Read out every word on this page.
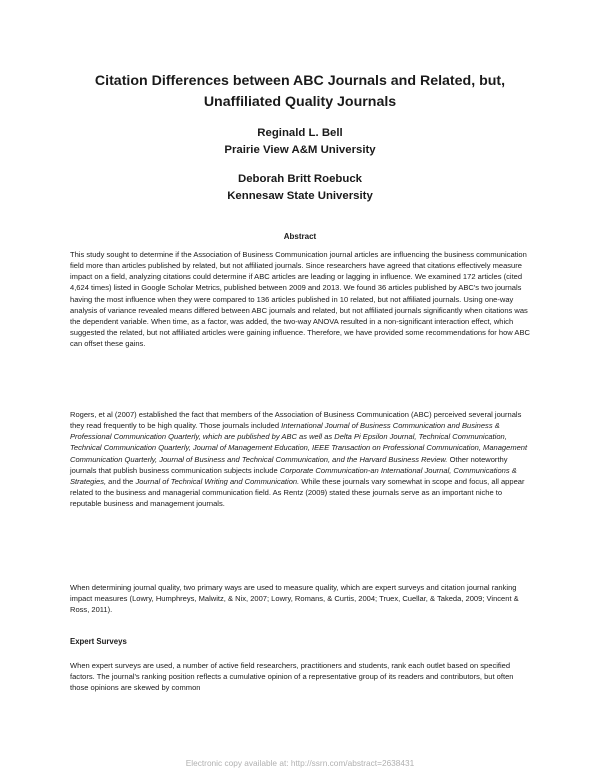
Citation Differences between ABC Journals and Related, but,
Unaffiliated Quality Journals
Reginald L. Bell
Prairie View A&M University
Deborah Britt Roebuck
Kennesaw State University
Abstract

This study sought to determine if the Association of Business Communication journal articles are influencing the business communication field more than articles published by related, but not affiliated journals. Since researchers have agreed that citations effectively measure impact on a field, analyzing citations could determine if ABC articles are leading or lagging in influence. We examined 172 articles (cited 4,624 times) listed in Google Scholar Metrics, published between 2009 and 2013. We found 36 articles published by ABC's two journals having the most influence when they were compared to 136 articles published in 10 related, but not affiliated journals. Using one-way analysis of variance revealed means differed between ABC journals and related, but not affiliated journals significantly when citations was the dependent variable. When time, as a factor, was added, the two-way ANOVA resulted in a non-significant interaction effect, which suggested the related, but not affiliated articles were gaining influence. Therefore, we have provided some recommendations for how ABC can offset these gains.

Rogers, et al (2007) established the fact that members of the Association of Business Communication (ABC) perceived several journals they read frequently to be high quality. Those journals included International Journal of Business Communication and Business & Professional Communication Quarterly, which are published by ABC as well as Delta Pi Epsilon Journal, Technical Communication, Technical Communication Quarterly, Journal of Management Education, IEEE Transaction on Professional Communication, Management Communication Quarterly, Journal of Business and Technical Communication, and the Harvard Business Review. Other noteworthy journals that publish business communication subjects include Corporate Communication-an International Journal, Communications & Strategies, and the Journal of Technical Writing and Communication. While these journals vary somewhat in scope and focus, all appear related to the business and managerial communication field. As Rentz (2009) stated these journals serve as an important niche to reputable business and management journals.

When determining journal quality, two primary ways are used to measure quality, which are expert surveys and citation journal ranking impact measures (Lowry, Humphreys, Malwitz, & Nix, 2007; Lowry, Romans, & Curtis, 2004; Truex, Cuellar, & Takeda, 2009; Vincent & Ross, 2011).

Expert Surveys

When expert surveys are used, a number of active field researchers, practitioners and students, rank each outlet based on specified factors. The journal's ranking position reflects a cumulative opinion of a representative group of its readers and contributors, but often those opinions are skewed by common

Electronic copy available at: http://ssrn.com/abstract=2638431
